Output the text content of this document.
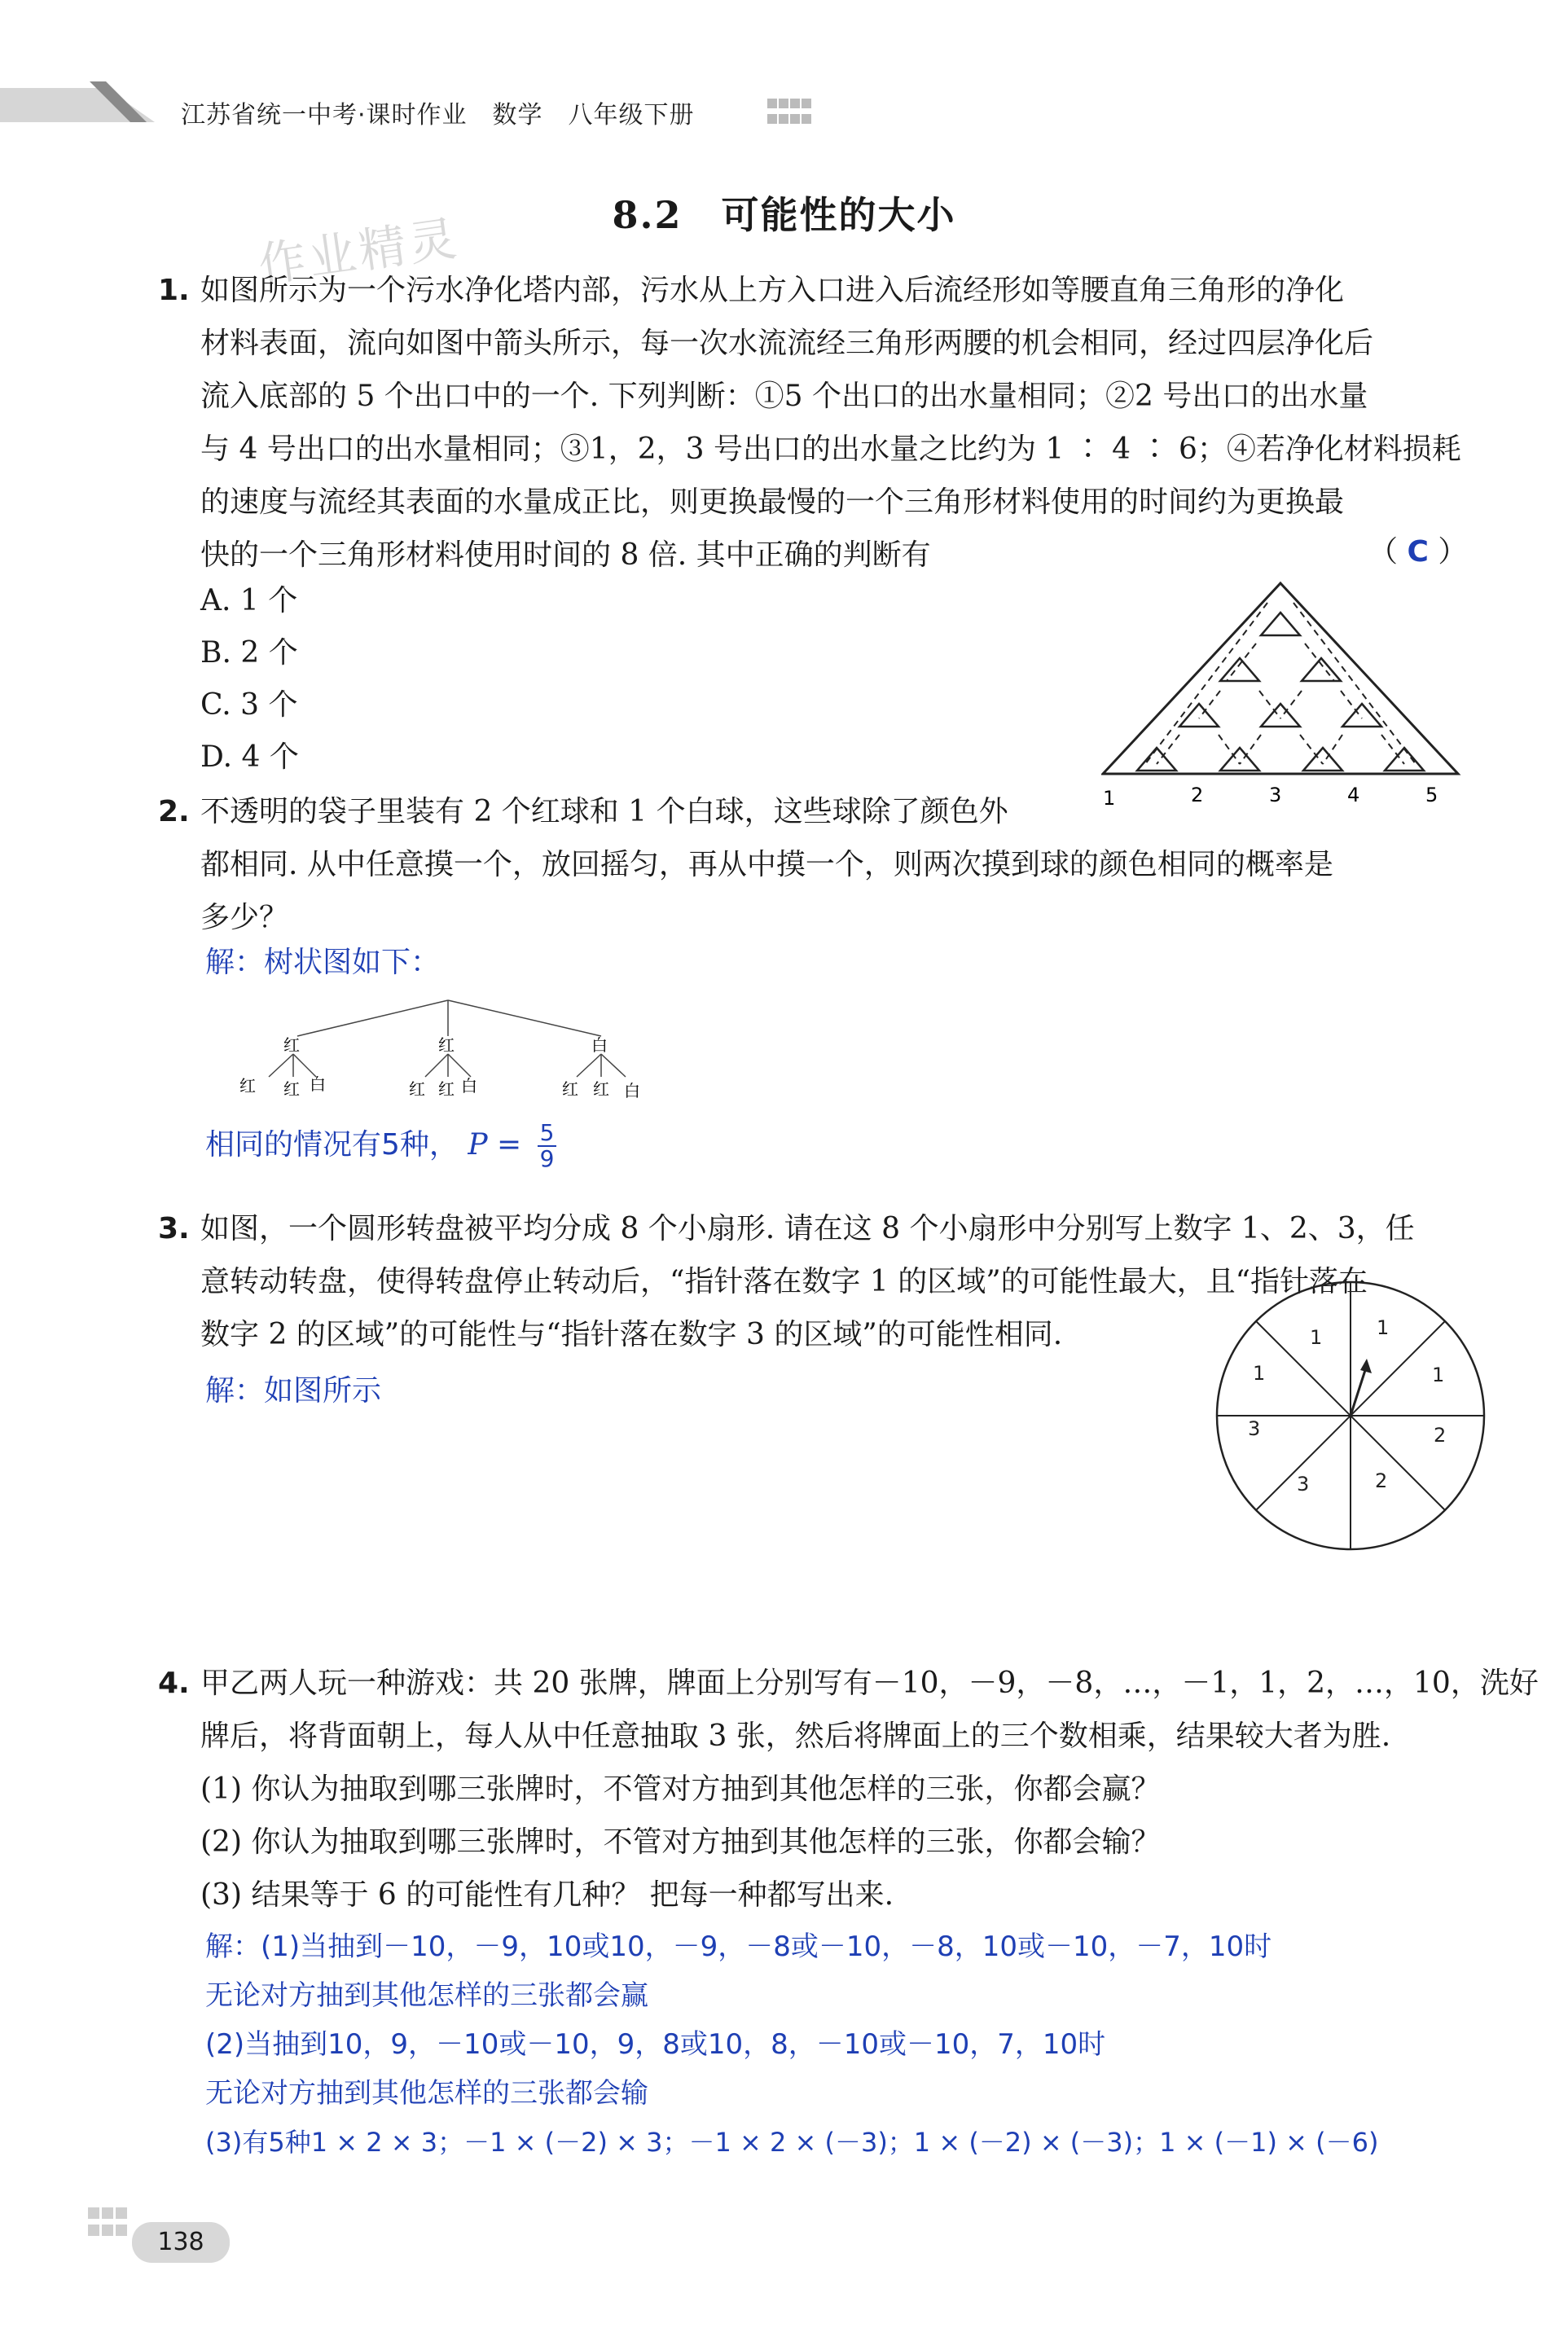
江苏省统一中考·课时作业　数学　八年级下册
8.2　可能性的大小
作业精灵
1. 如图所示为一个污水净化塔内部，污水从上方入口进入后流经形如等腰直角三角形的净化
材料表面，流向如图中箭头所示，每一次水流流经三角形两腰的机会相同，经过四层净化后
流入底部的 5 个出口中的一个. 下列判断：①5 个出口的出水量相同；②2 号出口的出水量
与 4 号出口的出水量相同；③1，2，3 号出口的出水量之比约为 1 ∶ 4 ∶ 6；④若净化材料损耗
的速度与流经其表面的水量成正比，则更换最慢的一个三角形材料使用的时间约为更换最
快的一个三角形材料使用时间的 8 倍. 其中正确的判断有	（ C ）
A. 1 个
B. 2 个
C. 3 个
D. 4 个
1	2	3	4	5
2. 不透明的袋子里装有 2 个红球和 1 个白球，这些球除了颜色外
都相同. 从中任意摸一个，放回摇匀，再从中摸一个，则两次摸到球的颜色相同的概率是
多少？
解：树状图如下：
红	红	白
红 红 白	红 红 白	红 红 白
相同的情况有5种， $P = \frac{5}{9}$
3. 如图，一个圆形转盘被平均分成 8 个小扇形. 请在这 8 个小扇形中分别写上数字 1、2、3，任
意转动转盘，使得转盘停止转动后，“指针落在数字 1 的区域”的可能性最大，且“指针落在
数字 2 的区域”的可能性与“指针落在数字 3 的区域”的可能性相同.
解：如图所示
1
1
3
3	2
2
1
1
4. 甲乙两人玩一种游戏：共 20 张牌，牌面上分别写有－10，－9，－8，…，－1，1，2，…，10，洗好
牌后，将背面朝上，每人从中任意抽取 3 张，然后将牌面上的三个数相乘，结果较大者为胜.
(1) 你认为抽取到哪三张牌时，不管对方抽到其他怎样的三张，你都会赢？
(2) 你认为抽取到哪三张牌时，不管对方抽到其他怎样的三张，你都会输？
(3) 结果等于 6 的可能性有几种？ 把每一种都写出来.
解：(1)当抽到－10，－9，10或10，－9，－8或－10，－8，10或－10，－7，10时
无论对方抽到其他怎样的三张都会赢
(2)当抽到10，9，－10或－10，9，8或10，8，－10或－10，7，10时
无论对方抽到其他怎样的三张都会输
(3)有5种1 × 2 × 3；－1 × (－2) × 3；－1 × 2 × (－3)；1 × (－2) × (－3)；1 × (－1) × (－6)
138
